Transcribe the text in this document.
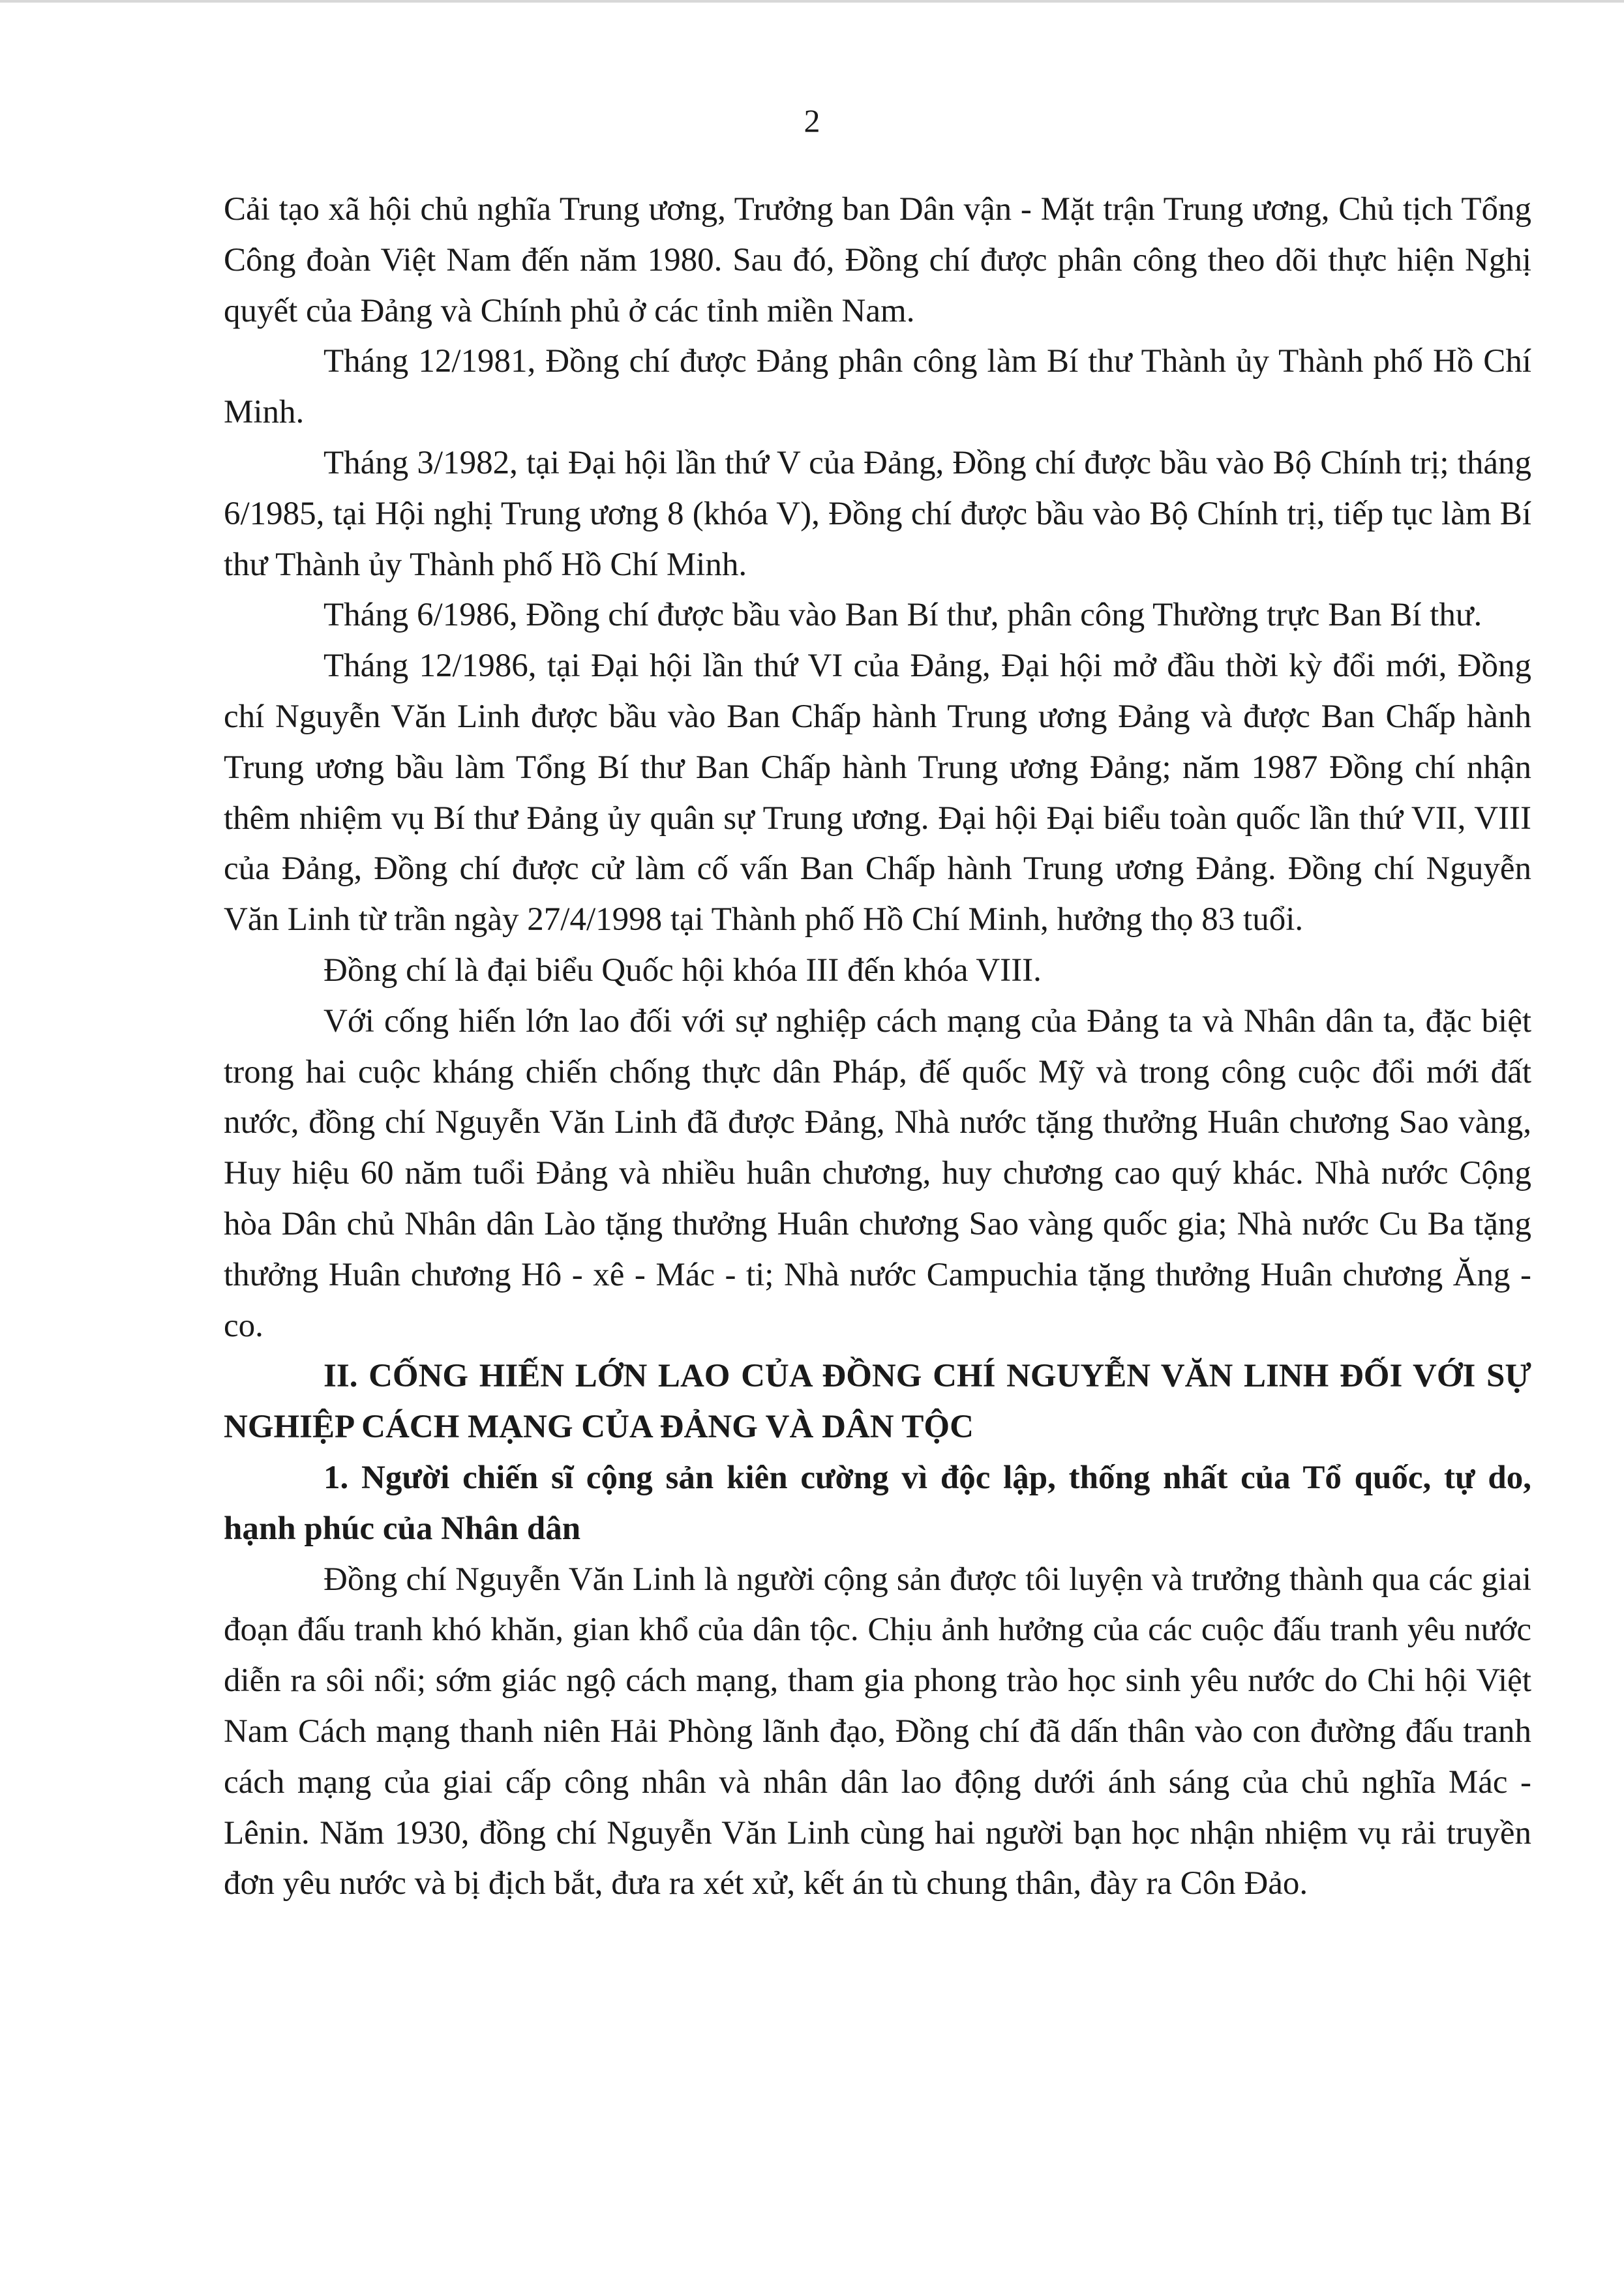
2

Cải tạo xã hội chủ nghĩa Trung ương, Trưởng ban Dân vận - Mặt trận Trung ương, Chủ tịch Tổng Công đoàn Việt Nam đến năm 1980. Sau đó, Đồng chí được phân công theo dõi thực hiện Nghị quyết của Đảng và Chính phủ ở các tỉnh miền Nam.

Tháng 12/1981, Đồng chí được Đảng phân công làm Bí thư Thành ủy Thành phố Hồ Chí Minh.

Tháng 3/1982, tại Đại hội lần thứ V của Đảng, Đồng chí được bầu vào Bộ Chính trị; tháng 6/1985, tại Hội nghị Trung ương 8 (khóa V), Đồng chí được bầu vào Bộ Chính trị, tiếp tục làm Bí thư Thành ủy Thành phố Hồ Chí Minh.

Tháng 6/1986, Đồng chí được bầu vào Ban Bí thư, phân công Thường trực Ban Bí thư.

Tháng 12/1986, tại Đại hội lần thứ VI của Đảng, Đại hội mở đầu thời kỳ đổi mới, Đồng chí Nguyễn Văn Linh được bầu vào Ban Chấp hành Trung ương Đảng và được Ban Chấp hành Trung ương bầu làm Tổng Bí thư Ban Chấp hành Trung ương Đảng; năm 1987 Đồng chí nhận thêm nhiệm vụ Bí thư Đảng ủy quân sự Trung ương. Đại hội Đại biểu toàn quốc lần thứ VII, VIII của Đảng, Đồng chí được cử làm cố vấn Ban Chấp hành Trung ương Đảng. Đồng chí Nguyễn Văn Linh từ trần ngày 27/4/1998 tại Thành phố Hồ Chí Minh, hưởng thọ 83 tuổi.

Đồng chí là đại biểu Quốc hội khóa III đến khóa VIII.

Với cống hiến lớn lao đối với sự nghiệp cách mạng của Đảng ta và Nhân dân ta, đặc biệt trong hai cuộc kháng chiến chống thực dân Pháp, đế quốc Mỹ và trong công cuộc đổi mới đất nước, đồng chí Nguyễn Văn Linh đã được Đảng, Nhà nước tặng thưởng Huân chương Sao vàng, Huy hiệu 60 năm tuổi Đảng và nhiều huân chương, huy chương cao quý khác. Nhà nước Cộng hòa Dân chủ Nhân dân Lào tặng thưởng Huân chương Sao vàng quốc gia; Nhà nước Cu Ba tặng thưởng Huân chương Hô - xê - Mác - ti; Nhà nước Campuchia tặng thưởng Huân chương Ăng - co.

II. CỐNG HIẾN LỚN LAO CỦA ĐỒNG CHÍ NGUYỄN VĂN LINH ĐỐI VỚI SỰ NGHIỆP CÁCH MẠNG CỦA ĐẢNG VÀ DÂN TỘC

1. Người chiến sĩ cộng sản kiên cường vì độc lập, thống nhất của Tổ quốc, tự do, hạnh phúc của Nhân dân

Đồng chí Nguyễn Văn Linh là người cộng sản được tôi luyện và trưởng thành qua các giai đoạn đấu tranh khó khăn, gian khổ của dân tộc. Chịu ảnh hưởng của các cuộc đấu tranh yêu nước diễn ra sôi nổi; sớm giác ngộ cách mạng, tham gia phong trào học sinh yêu nước do Chi hội Việt Nam Cách mạng thanh niên Hải Phòng lãnh đạo, Đồng chí đã dấn thân vào con đường đấu tranh cách mạng của giai cấp công nhân và nhân dân lao động dưới ánh sáng của chủ nghĩa Mác - Lênin. Năm 1930, đồng chí Nguyễn Văn Linh cùng hai người bạn học nhận nhiệm vụ rải truyền đơn yêu nước và bị địch bắt, đưa ra xét xử, kết án tù chung thân, đày ra Côn Đảo.
